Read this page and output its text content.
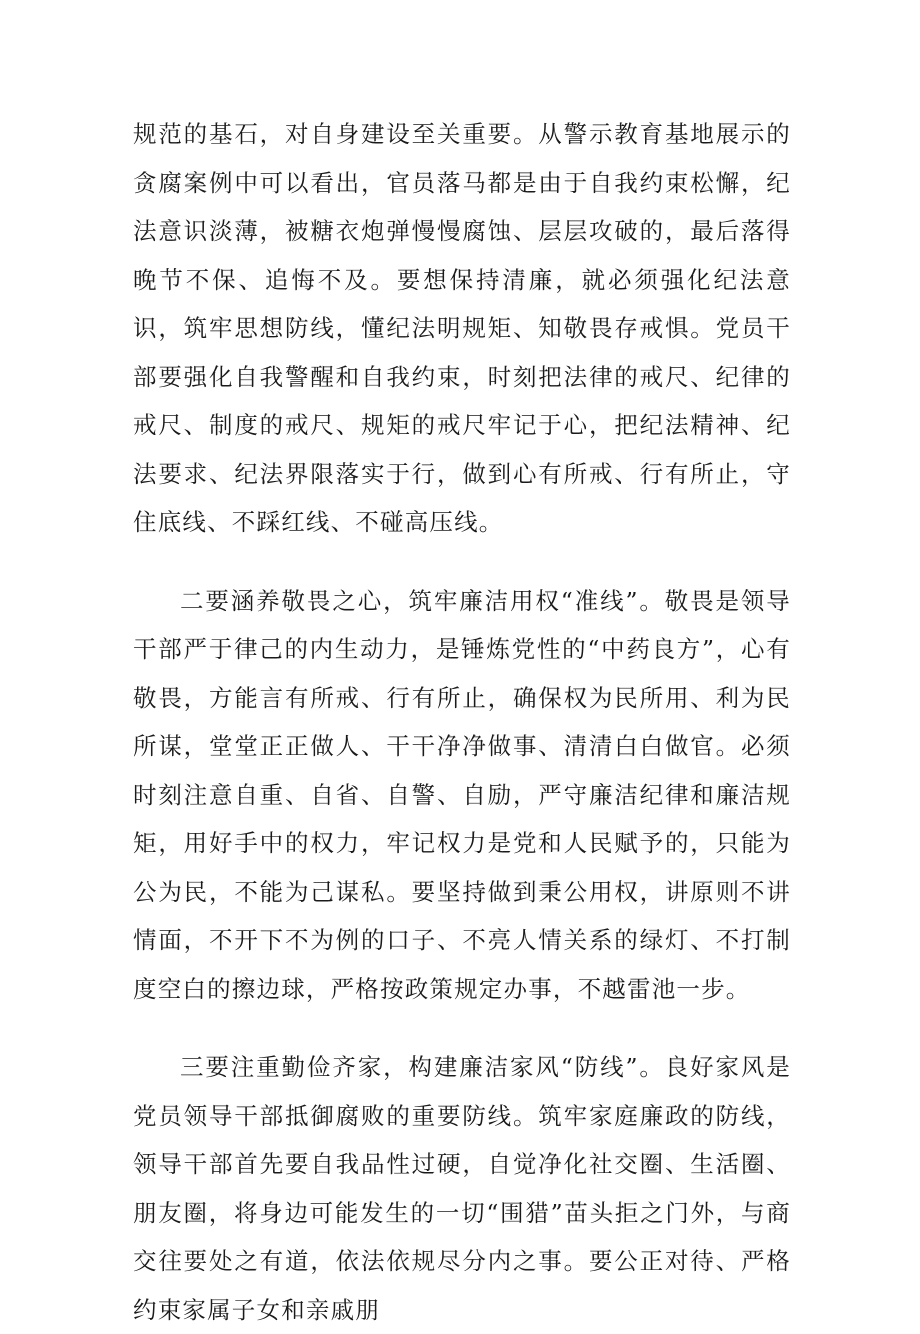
规范的基石，对自身建设至关重要。从警示教育基地展示的贪腐案例中可以看出，官员落马都是由于自我约束松懈，纪法意识淡薄，被糖衣炮弹慢慢腐蚀、层层攻破的，最后落得晚节不保、追悔不及。要想保持清廉，就必须强化纪法意识，筑牢思想防线，懂纪法明规矩、知敬畏存戒惧。党员干部要强化自我警醒和自我约束，时刻把法律的戒尺、纪律的戒尺、制度的戒尺、规矩的戒尺牢记于心，把纪法精神、纪法要求、纪法界限落实于行，做到心有所戒、行有所止，守住底线、不踩红线、不碰高压线。

二要涵养敬畏之心，筑牢廉洁用权“准线”。敬畏是领导干部严于律己的内生动力，是锤炼党性的“中药良方”，心有敬畏，方能言有所戒、行有所止，确保权为民所用、利为民所谋，堂堂正正做人、干干净净做事、清清白白做官。必须时刻注意自重、自省、自警、自励，严守廉洁纪律和廉洁规矩，用好手中的权力，牢记权力是党和人民赋予的，只能为公为民，不能为己谋私。要坚持做到秉公用权，讲原则不讲情面，不开下不为例的口子、不亮人情关系的绿灯、不打制度空白的擦边球，严格按政策规定办事，不越雷池一步。

三要注重勤俭齐家，构建廉洁家风“防线”。良好家风是党员领导干部抵御腐败的重要防线。筑牢家庭廉政的防线，领导干部首先要自我品性过硬，自觉净化社交圈、生活圈、朋友圈，将身边可能发生的一切“围猎”苗头拒之门外，与商交往要处之有道，依法依规尽分内之事。要公正对待、严格约束家属子女和亲戚朋
